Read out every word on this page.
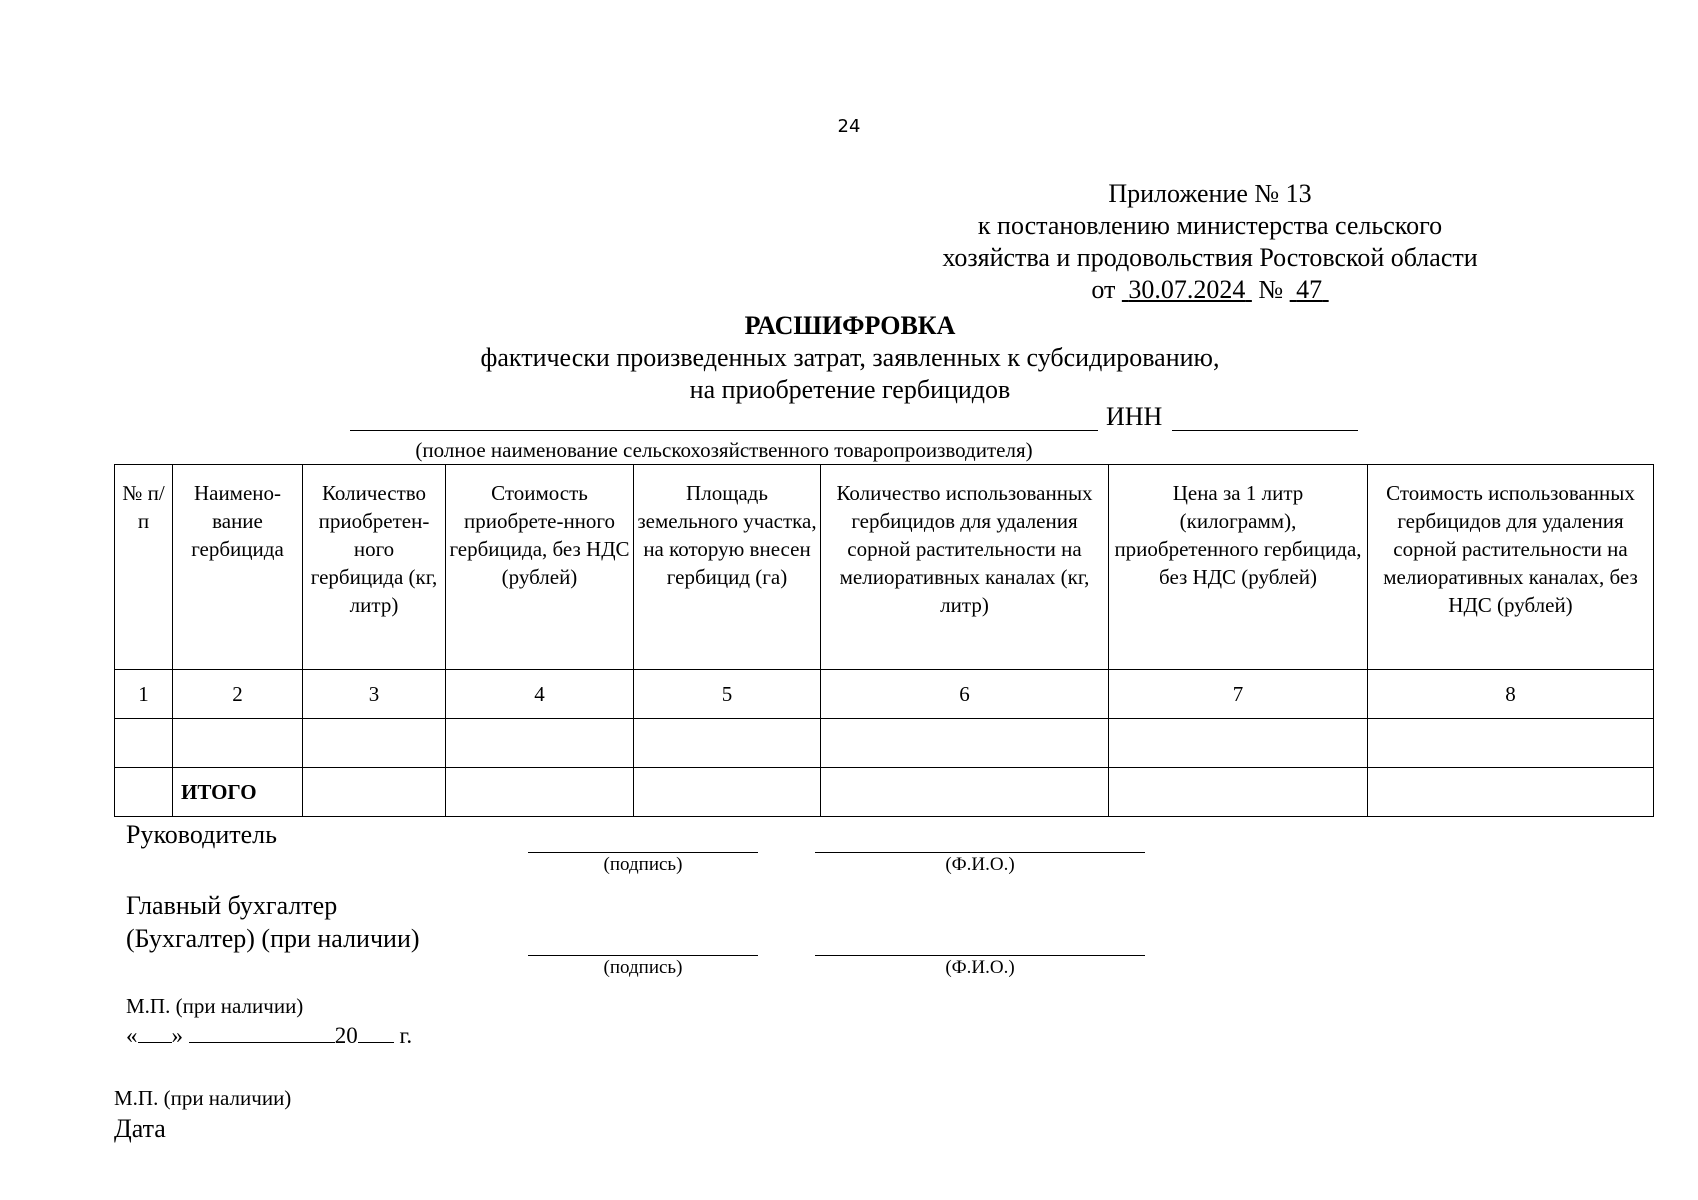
24
Приложение № 13
к постановлению министерства сельского
хозяйства и продовольствия Ростовской области
от 30.07.2024 № 47
РАСШИФРОВКА
фактически произведенных затрат, заявленных к субсидированию,
на приобретение гербицидов
ИНН
(полное наименование сельскохозяйственного товаропроизводителя)
№ п/п	Наимено-вание гербицида	Количество приобретен-ного гербицида (кг, литр)	Стоимость приобрете-нного гербицида, без НДС (рублей)	Площадь земельного участка, на которую внесен гербицид (га)	Количество использованных гербицидов для удаления сорной растительности на мелиоративных каналах (кг, литр)	Цена за 1 литр (килограмм), приобретенного гербицида, без НДС (рублей)	Стоимость использованных гербицидов для удаления сорной растительности на мелиоративных каналах, без НДС (рублей)
1	2	3	4	5	6	7	8

	ИТОГО						
Руководитель
(подпись)	(Ф.И.О.)
Главный бухгалтер
(Бухгалтер) (при наличии)
(подпись)	(Ф.И.О.)
М.П. (при наличии)
« »	20 г.
М.П. (при наличии)
Дата
